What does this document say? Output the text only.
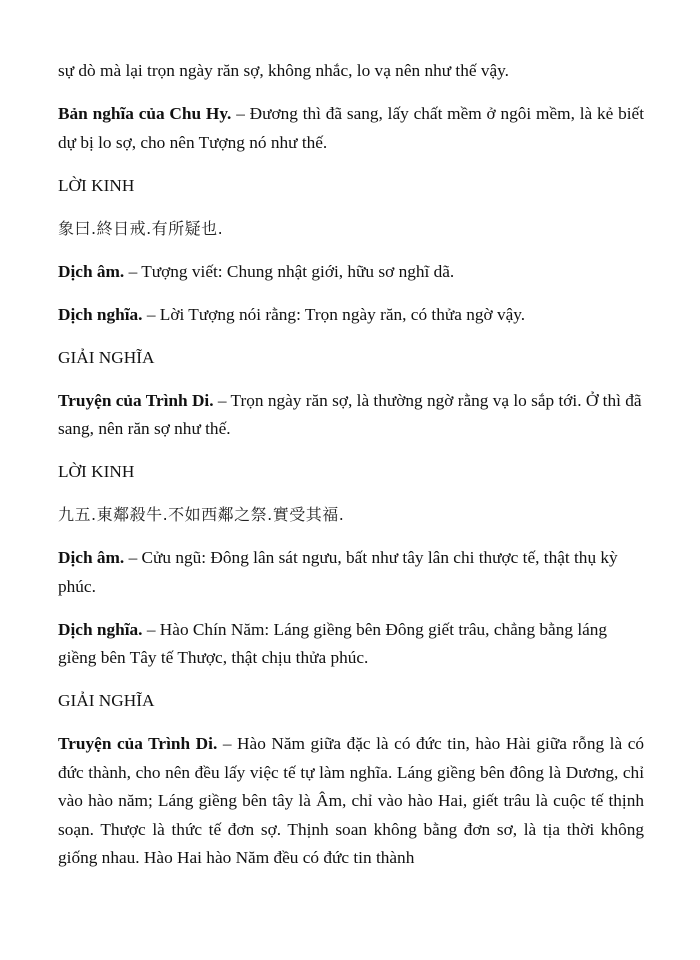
sự dò mà lại trọn ngày răn sợ, không nhắc, lo vạ nên như thế vậy.

Bản nghĩa của Chu Hy. – Đương thì đã sang, lấy chất mềm ở ngôi mềm, là kẻ biết dự bị lo sợ, cho nên Tượng nó như thế.

LỜI KINH

象曰.終日戒.有所疑也.

Dịch âm. – Tượng viết: Chung nhật giới, hữu sơ nghĩ dã.

Dịch nghĩa. – Lời Tượng nói rằng: Trọn ngày răn, có thửa ngờ vậy.

GIẢI NGHĨA

Truyện của Trình Di. – Trọn ngày răn sợ, là thường ngờ rằng vạ lo sắp tới. Ở thì đã sang, nên răn sợ như thế.

LỜI KINH

九五.東鄰殺牛.不如西鄰之祭.實受其福.

Dịch âm. – Cửu ngũ: Đông lân sát ngưu, bất như tây lân chi thược tế, thật thụ kỳ phúc.

Dịch nghĩa. – Hào Chín Năm: Láng giềng bên Đông giết trâu, chẳng bằng láng giềng bên Tây tế Thược, thật chịu thửa phúc.

GIẢI NGHĨA

Truyện của Trình Di. – Hào Năm giữa đặc là có đức tin, hào Hài giữa rỗng là có đức thành, cho nên đều lấy việc tế tự làm nghĩa. Láng giềng bên đông là Dương, chỉ vào hào năm; Láng giềng bên tây là Âm, chỉ vào hào Hai, giết trâu là cuộc tế thịnh soạn. Thược là thức tế đơn sợ. Thịnh soan không bằng đơn sơ, là tịa thời không giống nhau. Hào Hai hào Năm đều có đức tin thành
